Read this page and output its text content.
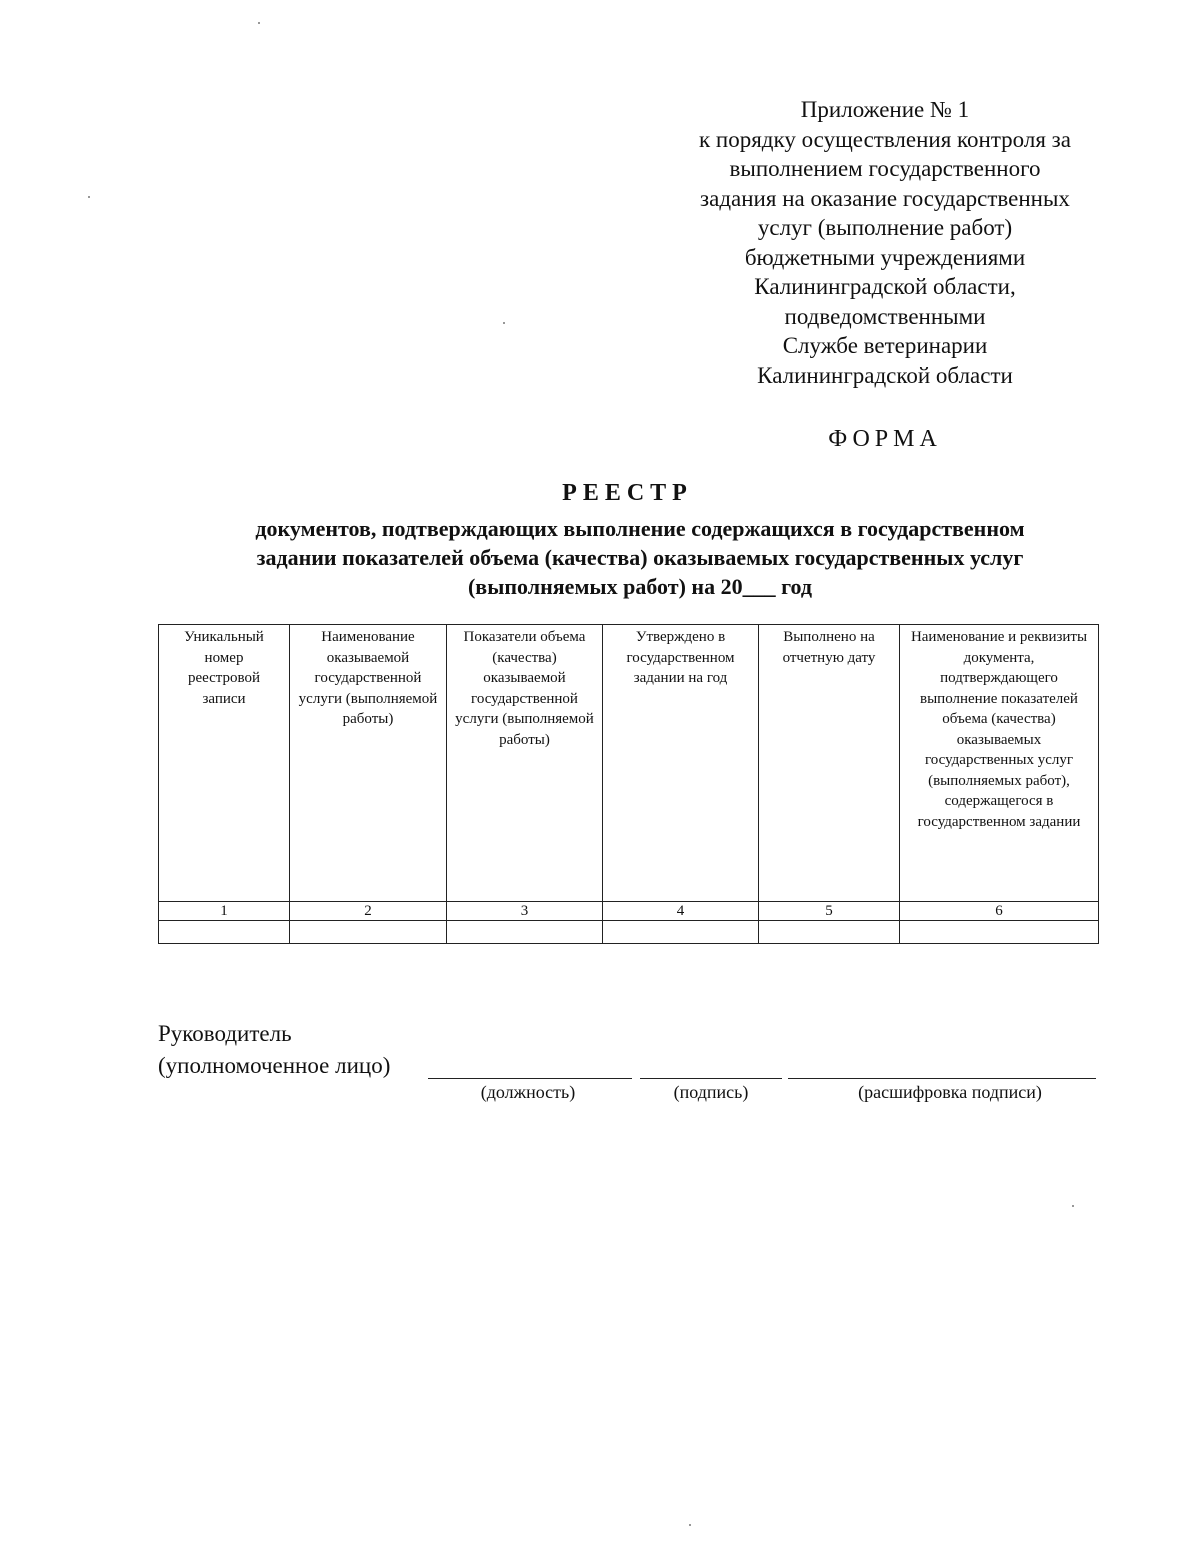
Приложение № 1
к порядку осуществления контроля за
выполнением государственного
задания на оказание государственных
услуг (выполнение работ)
бюджетными учреждениями
Калининградской области,
подведомственными
Службе ветеринарии
Калининградской области
ФОРМА
РЕЕСТР
документов, подтверждающих выполнение содержащихся в государственном
задании показателей объема (качества) оказываемых государственных услуг
(выполняемых работ) на 20___ год
Уникальный номер реестровой записи	Наименование оказываемой государственной услуги (выполняемой работы)	Показатели объема (качества) оказываемой государственной услуги (выполняемой работы)	Утверждено в государственном задании на год	Выполнено на отчетную дату	Наименование и реквизиты документа, подтверждающего выполнение показателей объема (качества) оказываемых государственных услуг (выполняемых работ), содержащегося в государственном задании
1	2	3	4	5	6

Руководитель
(уполномоченное лицо)
(должность)	(подпись)	(расшифровка подписи)
